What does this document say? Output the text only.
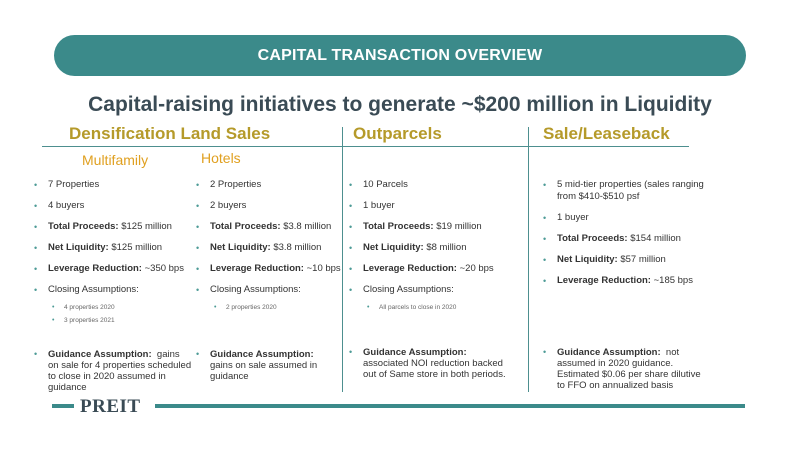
CAPITAL TRANSACTION OVERVIEW
Capital-raising initiatives to generate ~$200 million in Liquidity
Densification Land Sales	Outparcels	Sale/Leaseback
Multifamily	Hotels
• 7 Properties
• 4 buyers
• Total Proceeds: $125 million
• Net Liquidity: $125 million
• Leverage Reduction: ~350 bps
• Closing Assumptions:
• 4 properties 2020
• 3 properties 2021
• Guidance Assumption: gains on sale for 4 properties scheduled to close in 2020 assumed in guidance
• 2 Properties
• 2 buyers
• Total Proceeds: $3.8 million
• Net Liquidity: $3.8 million
• Leverage Reduction: ~10 bps
• Closing Assumptions:
• 2 properties 2020
• Guidance Assumption:  gains on sale assumed in guidance
• 10 Parcels
• 1 buyer
• Total Proceeds: $19 million
• Net Liquidity: $8 million
• Leverage Reduction: ~20 bps
• Closing Assumptions:
• All parcels to close in 2020
• Guidance Assumption:
associated NOI reduction backed out of Same store in both periods.
• 5 mid-tier properties (sales ranging from $410-$510 psf
• 1 buyer
• Total Proceeds: $154 million
• Net Liquidity: $57 million
• Leverage Reduction: ~185 bps
• Guidance Assumption: not assumed in 2020 guidance. Estimated $0.06 per share dilutive to FFO on annualized basis
PREIT
